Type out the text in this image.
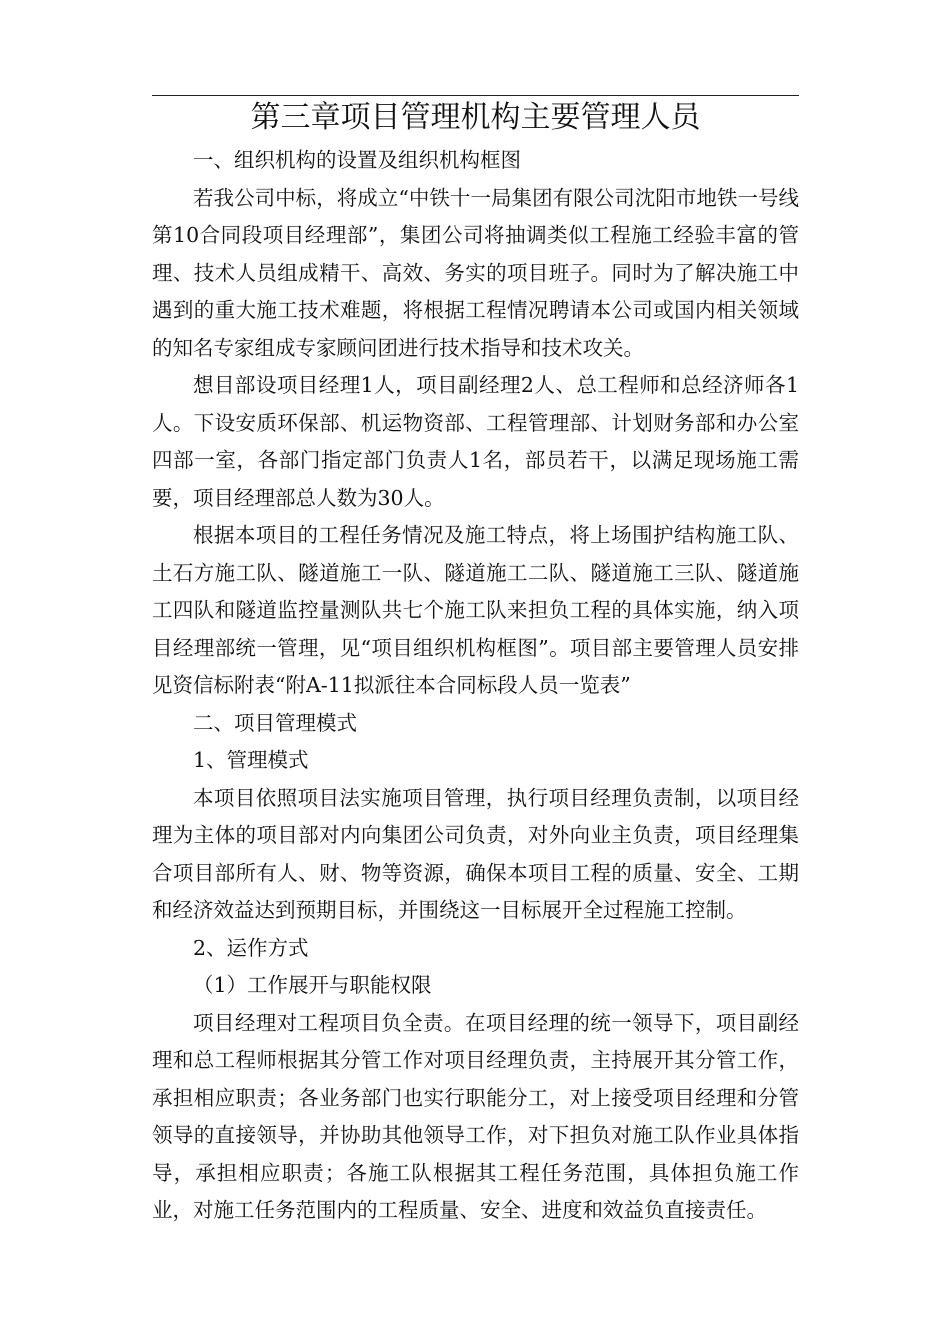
第三章项目管理机构主要管理人员

一、组织机构的设置及组织机构框图

若我公司中标，将成立“中铁十一局集团有限公司沈阳市地铁一号线第10合同段项目经理部”，集团公司将抽调类似工程施工经验丰富的管理、技术人员组成精干、高效、务实的项目班子。同时为了解决施工中遇到的重大施工技术难题，将根据工程情况聘请本公司或国内相关领域的知名专家组成专家顾问团进行技术指导和技术攻关。

想目部设项目经理1人，项目副经理2人、总工程师和总经济师各1人。下设安质环保部、机运物资部、工程管理部、计划财务部和办公室四部一室，各部门指定部门负责人1名，部员若干，以满足现场施工需要，项目经理部总人数为30人。

根据本项目的工程任务情况及施工特点，将上场围护结构施工队、土石方施工队、隧道施工一队、隧道施工二队、隧道施工三队、隧道施工四队和隧道监控量测队共七个施工队来担负工程的具体实施，纳入项目经理部统一管理，见“项目组织机构框图”。项目部主要管理人员安排见资信标附表“附A-11拟派往本合同标段人员一览表”

二、项目管理模式

1、管理模式

本项目依照项目法实施项目管理，执行项目经理负责制，以项目经理为主体的项目部对内向集团公司负责，对外向业主负责，项目经理集合项目部所有人、财、物等资源，确保本项目工程的质量、安全、工期和经济效益达到预期目标，并围绕这一目标展开全过程施工控制。

2、运作方式

（1）工作展开与职能权限

项目经理对工程项目负全责。在项目经理的统一领导下，项目副经理和总工程师根据其分管工作对项目经理负责，主持展开其分管工作，承担相应职责；各业务部门也实行职能分工，对上接受项目经理和分管领导的直接领导，并协助其他领导工作，对下担负对施工队作业具体指导，承担相应职责；各施工队根据其工程任务范围，具体担负施工作业，对施工任务范围内的工程质量、安全、进度和效益负直接责任。
